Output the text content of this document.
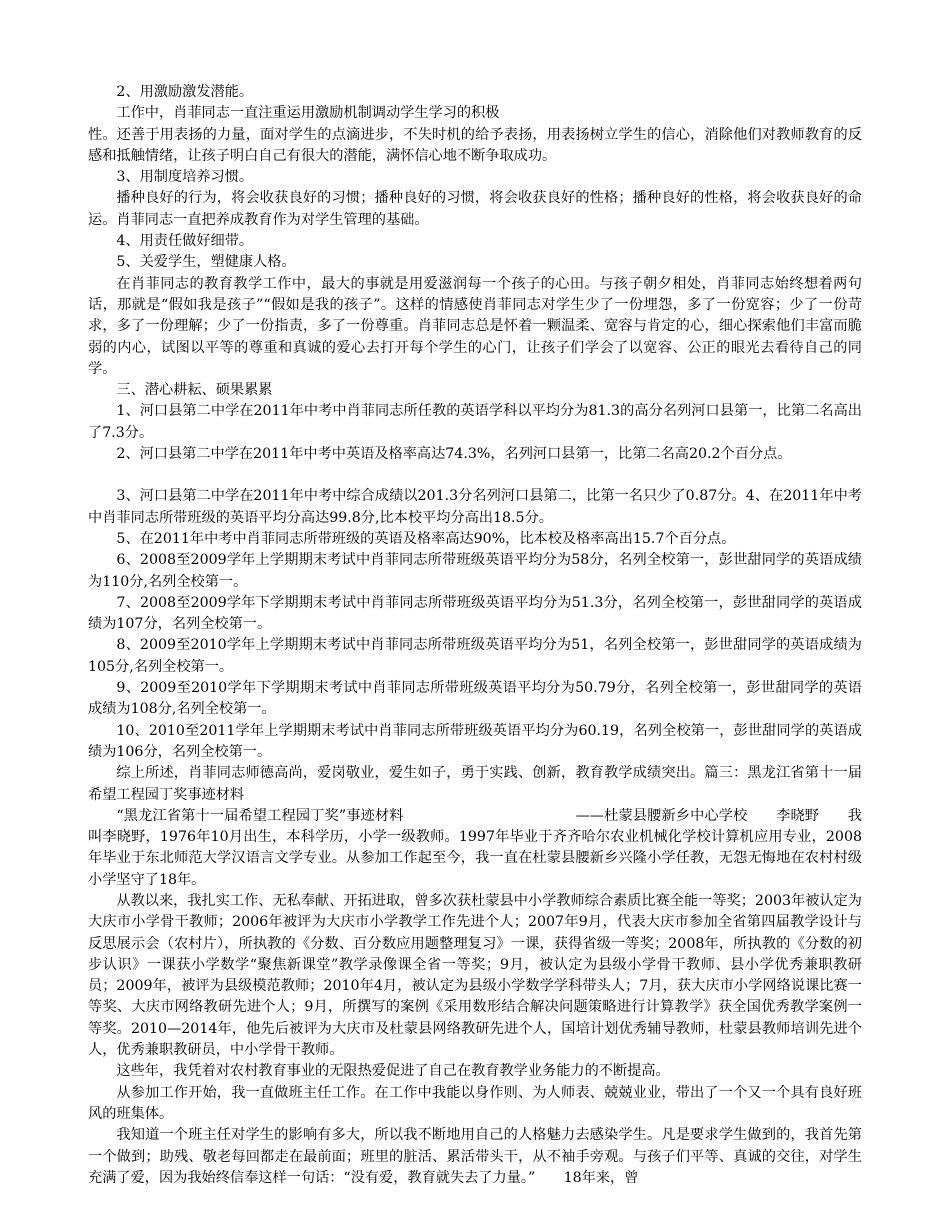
2、用激励激发潜能。

工作中，肖菲同志一直注重运用激励机制调动学生学习的积极

性。还善于用表扬的力量，面对学生的点滴进步，不失时机的给予表扬，用表扬树立学生的信心，消除他们对教师教育的反感和抵触情绪，让孩子明白自己有很大的潜能，满怀信心地不断争取成功。

3、用制度培养习惯。

播种良好的行为，将会收获良好的习惯；播种良好的习惯，将会收获良好的性格；播种良好的性格，将会收获良好的命运。肖菲同志一直把养成教育作为对学生管理的基础。

4、用责任做好细带。

5、关爱学生，塑健康人格。

在肖菲同志的教育教学工作中，最大的事就是用爱滋润每一个孩子的心田。与孩子朝夕相处，肖菲同志始终想着两句话，那就是“假如我是孩子”“假如是我的孩子”。这样的情感使肖菲同志对学生少了一份埋怨，多了一份宽容；少了一份苛求，多了一份理解；少了一份指责，多了一份尊重。肖菲同志总是怀着一颗温柔、宽容与肯定的心，细心探索他们丰富而脆弱的内心，试图以平等的尊重和真诚的爱心去打开每个学生的心门，让孩子们学会了以宽容、公正的眼光去看待自己的同学。

三、潜心耕耘、硕果累累

1、河口县第二中学在2011年中考中肖菲同志所任教的英语学科以平均分为81.3的高分名列河口县第一，比第二名高出了7.3分。

2、河口县第二中学在2011年中考中英语及格率高达74.3%，名列河口县第一，比第二名高20.2个百分点。

3、河口县第二中学在2011年中考中综合成绩以201.3分名列河口县第二，比第一名只少了0.87分。4、在2011年中考中肖菲同志所带班级的英语平均分高达99.8分,比本校平均分高出18.5分。

5、在2011年中考中肖菲同志所带班级的英语及格率高达90%，比本校及格率高出15.7个百分点。

6、2008至2009学年上学期期末考试中肖菲同志所带班级英语平均分为58分，名列全校第一，彭世甜同学的英语成绩为110分,名列全校第一。

7、2008至2009学年下学期期末考试中肖菲同志所带班级英语平均分为51.3分，名列全校第一，彭世甜同学的英语成绩为107分，名列全校第一。

8、2009至2010学年上学期期末考试中肖菲同志所带班级英语平均分为51，名列全校第一，彭世甜同学的英语成绩为105分,名列全校第一。

9、2009至2010学年下学期期末考试中肖菲同志所带班级英语平均分为50.79分，名列全校第一，彭世甜同学的英语成绩为108分,名列全校第一。

10、2010至2011学年上学期期末考试中肖菲同志所带班级英语平均分为60.19，名列全校第一，彭世甜同学的英语成绩为106分，名列全校第一。

综上所述，肖菲同志师德高尚，爱岗敬业，爱生如子，勇于实践、创新，教育教学成绩突出。篇三：黑龙江省第十一届希望工程园丁奖事迹材料

“黑龙江省第十一届希望工程园丁奖”事迹材料　　　　　　　　　　　　——杜蒙县腰新乡中心学校　　李晓野　　我叫李晓野，1976年10月出生，本科学历，小学一级教师。1997年毕业于齐齐哈尔农业机械化学校计算机应用专业，2008年毕业于东北师范大学汉语言文学专业。从参加工作起至今，我一直在杜蒙县腰新乡兴隆小学任教，无怨无悔地在农村村级小学坚守了18年。

从教以来，我扎实工作、无私奉献、开拓进取，曾多次获杜蒙县中小学教师综合素质比赛全能一等奖；2003年被认定为大庆市小学骨干教师；2006年被评为大庆市小学教学工作先进个人；2007年9月，代表大庆市参加全省第四届教学设计与反思展示会（农村片），所执教的《分数、百分数应用题整理复习》一课，获得省级一等奖；2008年，所执教的《分数的初步认识》一课获小学数学“聚焦新课堂”教学录像课全省一等奖；9月，被认定为县级小学骨干教师、县小学优秀兼职教研员；2009年，被评为县级模范教师；2010年4月，被认定为县级小学数学学科带头人；7月，获大庆市小学网络说课比赛一等奖、大庆市网络教研先进个人；9月，所撰写的案例《采用数形结合解决问题策略进行计算教学》获全国优秀教学案例一等奖。2010—2014年，他先后被评为大庆市及杜蒙县网络教研先进个人，国培计划优秀辅导教师，杜蒙县教师培训先进个人，优秀兼职教研员，中小学骨干教师。

这些年，我凭着对农村教育事业的无限热爱促进了自己在教育教学业务能力的不断提高。

从参加工作开始，我一直做班主任工作。在工作中我能以身作则、为人师表、兢兢业业，带出了一个又一个具有良好班风的班集体。

我知道一个班主任对学生的影响有多大，所以我不断地用自己的人格魅力去感染学生。凡是要求学生做到的，我首先第一个做到；助残、敬老每回都走在最前面；班里的脏活、累活带头干，从不袖手旁观。与孩子们平等、真诚的交往，对学生充满了爱，因为我始终信奉这样一句话：“没有爱，教育就失去了力量。”　　18年来，曾
